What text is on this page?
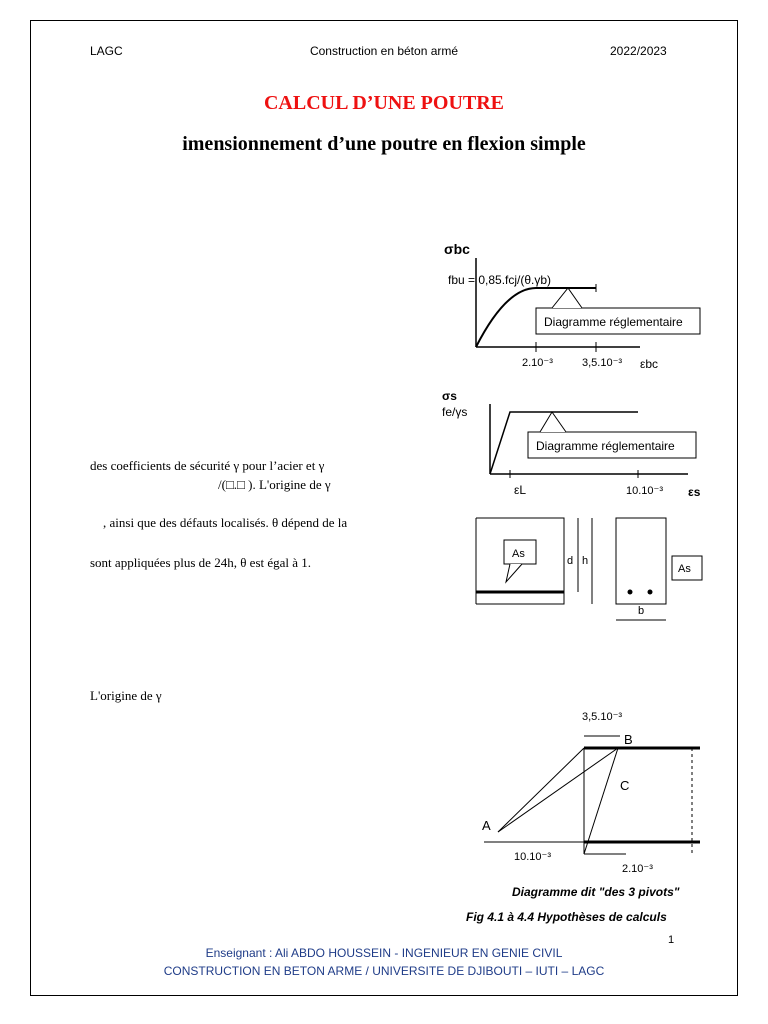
LAGC	Construction en béton armé	2022/2023
CALCUL D’UNE POUTRE
imensionnement d’une poutre en flexion simple
des coefficients de sécurité γ pour l’acier et γ
/(□.□ ). L'origine de γ
, ainsi que des défauts localisés. θ dépend de la
sont appliquées plus de 24h, θ est égal à 1.
L'origine de γ
σbc
fbu = 0,85.fcj/(θ.γb)
Diagramme réglementaire
2.10⁻³	3,5.10⁻³ εbc
σs
fe/γs
Diagramme réglementaire
εL	10.10⁻³ εs
As
d h
As
b
3,5.10⁻³
A
B
C
10.10⁻³
2.10⁻³
Diagramme dit "des 3 pivots"
Fig 4.1 à 4.4 Hypothèses de calculs
1
Enseignant : Ali ABDO HOUSSEIN - INGENIEUR EN GENIE CIVIL
CONSTRUCTION EN BETON ARME / UNIVERSITE DE DJIBOUTI – IUTI – LAGC
